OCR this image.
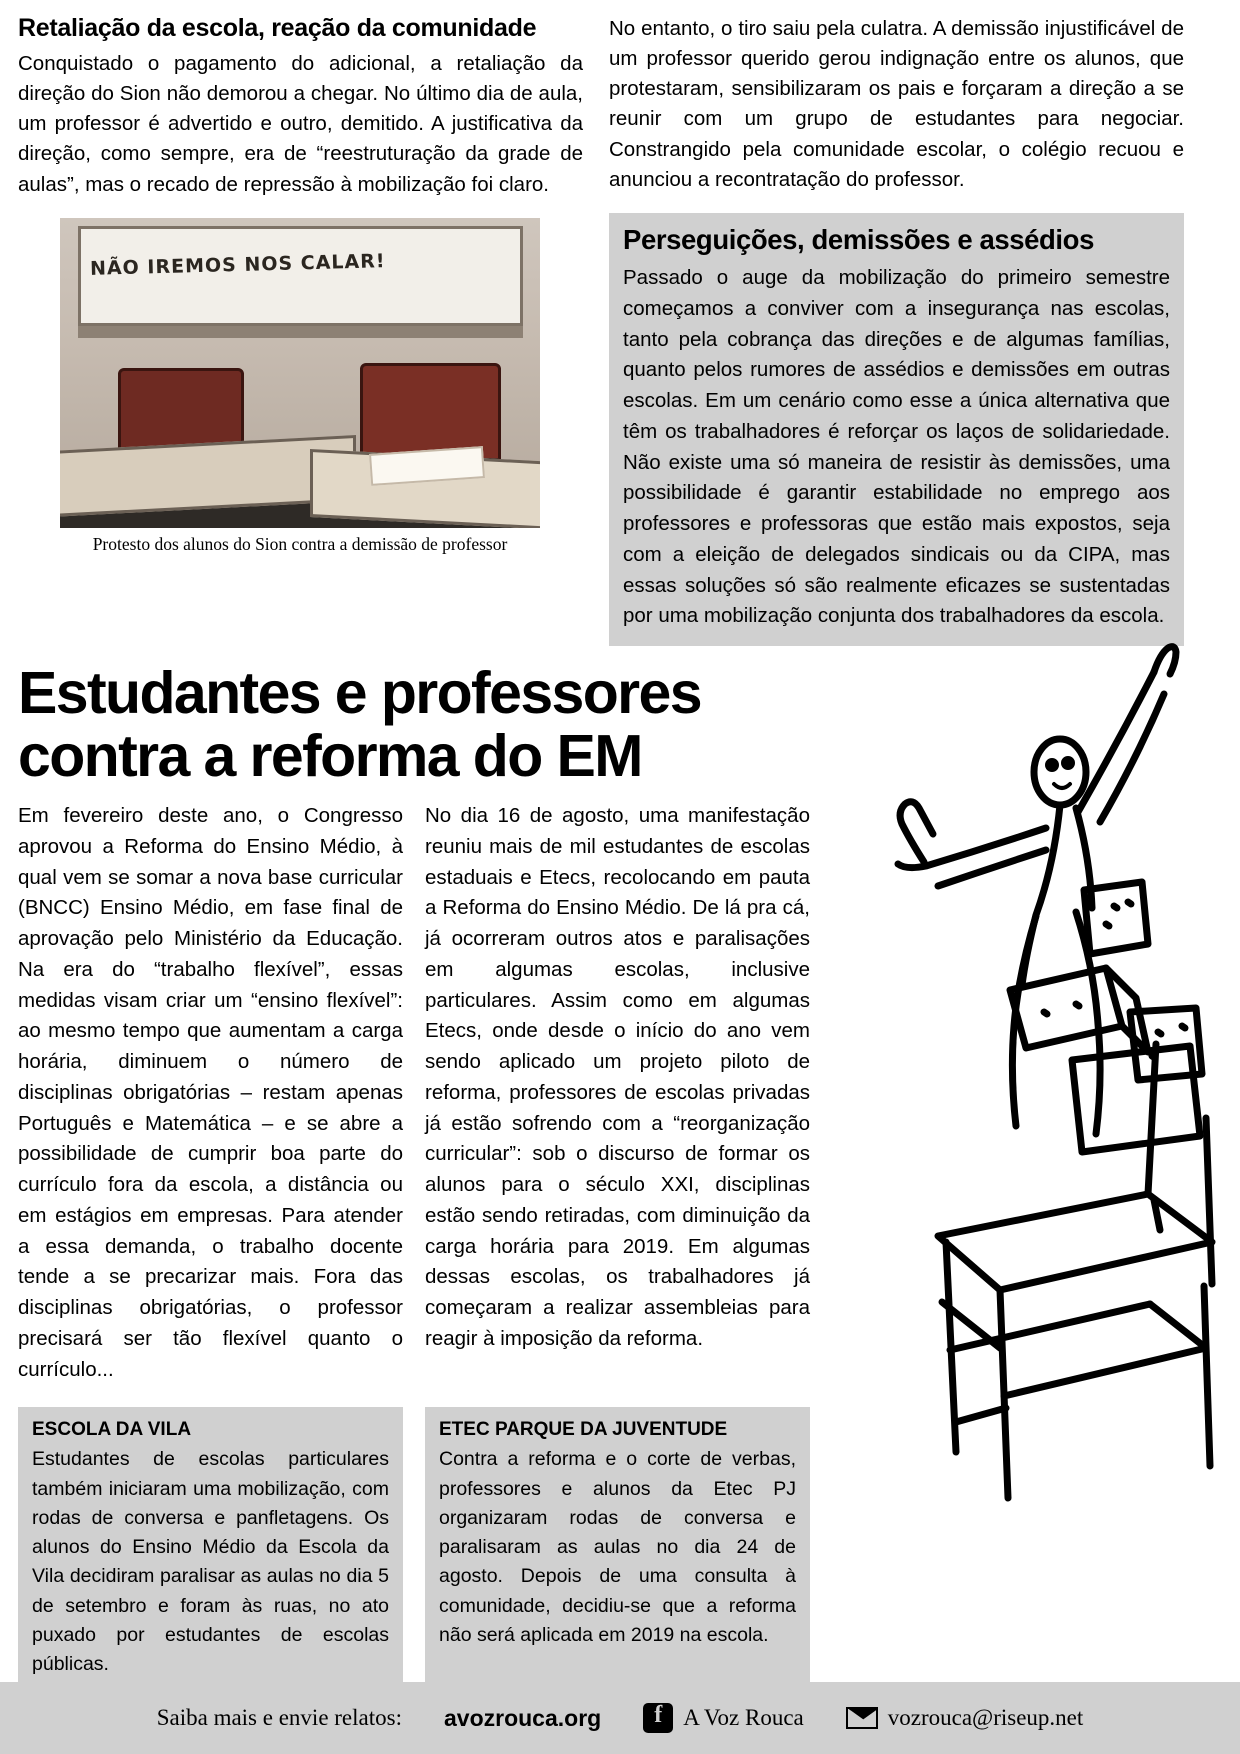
Retaliação da escola, reação da comunidade

Conquistado o pagamento do adicional, a retaliação da direção do Sion não demorou a chegar. No último dia de aula, um professor é advertido e outro, demitido. A justificativa da direção, como sempre, era de “reestruturação da grade de aulas”, mas o recado de repressão à mobilização foi claro.

NÃO IREMOS NOS CALAR!
Protesto dos alunos do Sion contra a demissão de professor

No entanto, o tiro saiu pela culatra. A demissão injustificável de um professor querido gerou indignação entre os alunos, que protestaram, sensibilizaram os pais e forçaram a direção a se reunir com um grupo de estudantes para negociar. Constrangido pela comunidade escolar, o colégio recuou e anunciou a recontratação do professor.

Perseguições, demissões e assédios

Passado o auge da mobilização do primeiro semestre começamos a conviver com a insegurança nas escolas, tanto pela cobrança das direções e de algumas famílias, quanto pelos rumores de assédios e demissões em outras escolas. Em um cenário como esse a única alternativa que têm os trabalhadores é reforçar os laços de solidariedade. Não existe uma só maneira de resistir às demissões, uma possibilidade é garantir estabilidade no emprego aos professores e professoras que estão mais expostos, seja com a eleição de delegados sindicais ou da CIPA, mas essas soluções só são realmente eficazes se sustentadas por uma mobilização conjunta dos trabalhadores da escola.

Estudantes e professores contra a reforma do EM

Em fevereiro deste ano, o Congresso aprovou a Reforma do Ensino Médio, à qual vem se somar a nova base curricular (BNCC) Ensino Médio, em fase final de aprovação pelo Ministério da Educação. Na era do “trabalho flexível”, essas medidas visam criar um “ensino flexível”: ao mesmo tempo que aumentam a carga horária, diminuem o número de disciplinas obrigatórias – restam apenas Português e Matemática – e se abre a possibilidade de cumprir boa parte do currículo fora da escola, a distância ou em estágios em empresas. Para atender a essa demanda, o trabalho docente tende a se precarizar mais. Fora das disciplinas obrigatórias, o professor precisará ser tão flexível quanto o currículo...

No dia 16 de agosto, uma manifestação reuniu mais de mil estudantes de escolas estaduais e Etecs, recolocando em pauta a Reforma do Ensino Médio. De lá pra cá, já ocorreram outros atos e paralisações em algumas escolas, inclusive particulares. Assim como em algumas Etecs, onde desde o início do ano vem sendo aplicado um projeto piloto de reforma, professores de escolas privadas já estão sofrendo com a “reorganização curricular”: sob o discurso de formar os alunos para o século XXI, disciplinas estão sendo retiradas, com diminuição da carga horária para 2019. Em algumas dessas escolas, os trabalhadores já começaram a realizar assembleias para reagir à imposição da reforma.

ESCOLA DA VILA

Estudantes de escolas particulares também iniciaram uma mobilização, com rodas de conversa e panfletagens. Os alunos do Ensino Médio da Escola da Vila decidiram paralisar as aulas no dia 5 de setembro e foram às ruas, no ato puxado por estudantes de escolas públicas.

ETEC PARQUE DA JUVENTUDE

Contra a reforma e o corte de verbas, professores e alunos da Etec PJ organizaram rodas de conversa e paralisaram as aulas no dia 24 de agosto. Depois de uma consulta à comunidade, decidiu-se que a reforma não será aplicada em 2019 na escola.

Saiba mais e envie relatos: avozrouca.org f	A Voz Rouca	vozrouca@riseup.net
